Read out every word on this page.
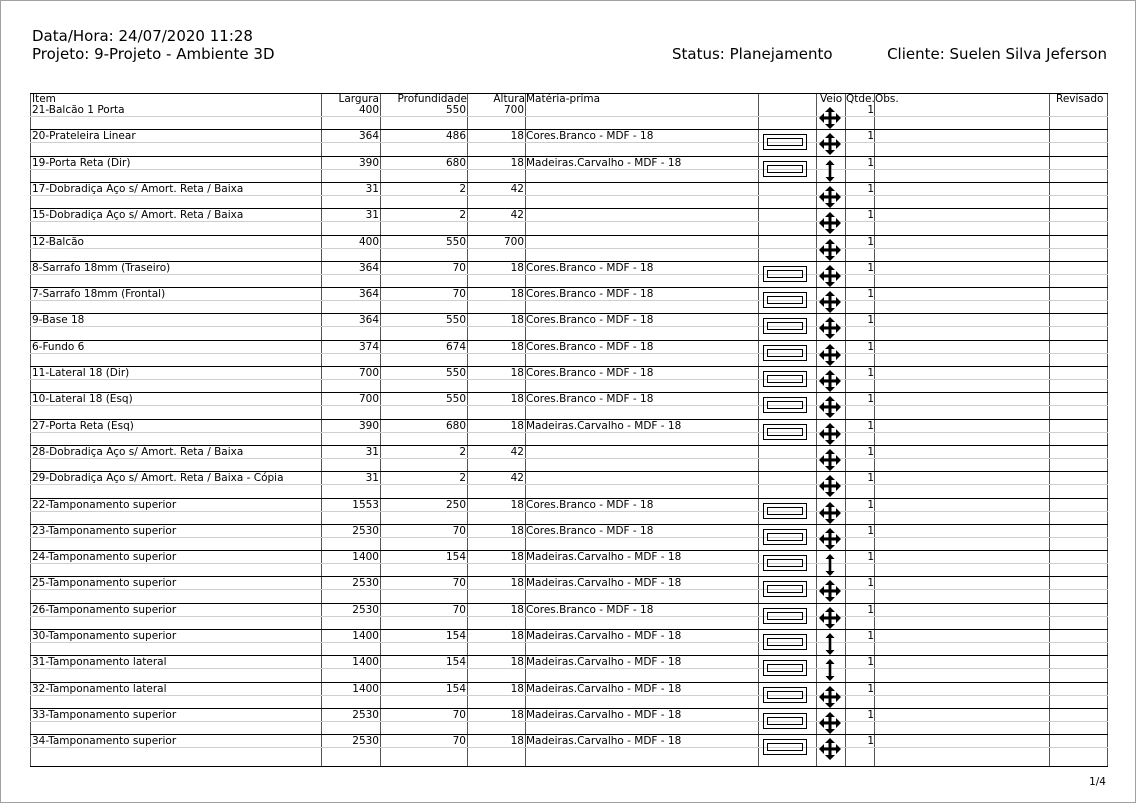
Data/Hora: 24/07/2020 11:28
Projeto: 9-Projeto - Ambiente 3D	Status: Planejamento	Cliente: Suelen Silva Jeferson
Item	Largura	Profundidade	Altura Matéria-prima	Veio Qtde. Obs.	Revisado
21-Balcão 1 Porta	400	550	700	1
20-Prateleira Linear	364	486	18 Cores.Branco - MDF - 18	1
19-Porta Reta (Dir)	390	680	18 Madeiras.Carvalho - MDF - 18	1
17-Dobradiça Aço s/ Amort. Reta / Baixa	31	2	42	1
15-Dobradiça Aço s/ Amort. Reta / Baixa	31	2	42	1
12-Balcão	400	550	700	1
8-Sarrafo 18mm (Traseiro)	364	70	18 Cores.Branco - MDF - 18	1
7-Sarrafo 18mm (Frontal)	364	70	18 Cores.Branco - MDF - 18	1
9-Base 18	364	550	18 Cores.Branco - MDF - 18	1
6-Fundo 6	374	674	18 Cores.Branco - MDF - 18	1
11-Lateral 18 (Dir)	700	550	18 Cores.Branco - MDF - 18	1
10-Lateral 18 (Esq)	700	550	18 Cores.Branco - MDF - 18	1
27-Porta Reta (Esq)	390	680	18 Madeiras.Carvalho - MDF - 18	1
28-Dobradiça Aço s/ Amort. Reta / Baixa	31	2	42	1
29-Dobradiça Aço s/ Amort. Reta / Baixa - Cópia	31	2	42	1
22-Tamponamento superior	1553	250	18 Cores.Branco - MDF - 18	1
23-Tamponamento superior	2530	70	18 Cores.Branco - MDF - 18	1
24-Tamponamento superior	1400	154	18 Madeiras.Carvalho - MDF - 18	1
25-Tamponamento superior	2530	70	18 Madeiras.Carvalho - MDF - 18	1
26-Tamponamento superior	2530	70	18 Cores.Branco - MDF - 18	1
30-Tamponamento superior	1400	154	18 Madeiras.Carvalho - MDF - 18	1
31-Tamponamento lateral	1400	154	18 Madeiras.Carvalho - MDF - 18	1
32-Tamponamento lateral	1400	154	18 Madeiras.Carvalho - MDF - 18	1
33-Tamponamento superior	2530	70	18 Madeiras.Carvalho - MDF - 18	1
34-Tamponamento superior	2530	70	18 Madeiras.Carvalho - MDF - 18	1
1/4
